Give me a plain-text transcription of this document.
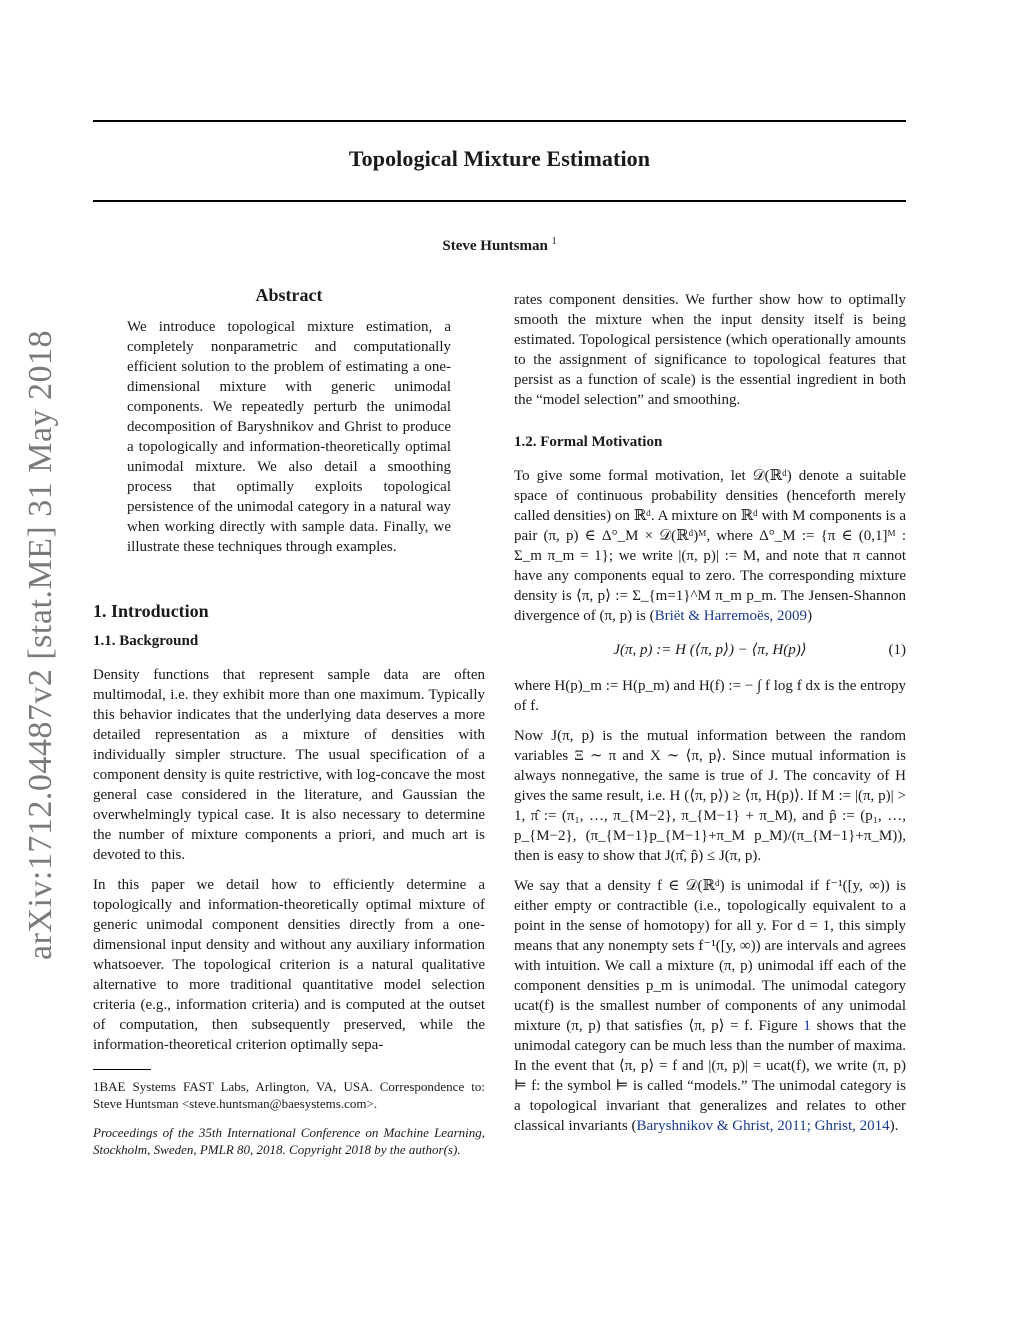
Topological Mixture Estimation
Steve Huntsman $^1$
arXiv:1712.04487v2 [stat.ME] 31 May 2018
Abstract
We introduce topological mixture estimation, a completely nonparametric and computationally efficient solution to the problem of estimating a one-dimensional mixture with generic unimodal components. We repeatedly perturb the unimodal decomposition of Baryshnikov and Ghrist to produce a topologically and information-theoretically optimal unimodal mixture. We also detail a smoothing process that optimally exploits topological persistence of the unimodal category in a natural way when working directly with sample data. Finally, we illustrate these techniques through examples.
1. Introduction
1.1. Background
Density functions that represent sample data are often multimodal, i.e. they exhibit more than one maximum. Typically this behavior indicates that the underlying data deserves a more detailed representation as a mixture of densities with individually simpler structure. The usual specification of a component density is quite restrictive, with log-concave the most general case considered in the literature, and Gaussian the overwhelmingly typical case. It is also necessary to determine the number of mixture components a priori, and much art is devoted to this.
In this paper we detail how to efficiently determine a topologically and information-theoretically optimal mixture of generic unimodal component densities directly from a one-dimensional input density and without any auxiliary information whatsoever. The topological criterion is a natural qualitative alternative to more traditional quantitative model selection criteria (e.g., information criteria) and is computed at the outset of computation, then subsequently preserved, while the information-theoretical criterion optimally sepa-
1BAE Systems FAST Labs, Arlington, VA, USA. Correspondence to: Steve Huntsman <steve.huntsman@baesystems.com>.
Proceedings of the 35th International Conference on Machine Learning, Stockholm, Sweden, PMLR 80, 2018. Copyright 2018 by the author(s).
rates component densities. We further show how to optimally smooth the mixture when the input density itself is being estimated. Topological persistence (which operationally amounts to the assignment of significance to topological features that persist as a function of scale) is the essential ingredient in both the “model selection” and smoothing.
1.2. Formal Motivation
To give some formal motivation, let 𝒟(ℝᵈ) denote a suitable space of continuous probability densities (henceforth merely called densities) on ℝᵈ. A mixture on ℝᵈ with M components is a pair (π, p) ∈ Δ°_M × 𝒟(ℝᵈ)ᴹ, where Δ°_M := {π ∈ (0,1]ᴹ : Σ_m π_m = 1}; we write |(π, p)| := M, and note that π cannot have any components equal to zero. The corresponding mixture density is ⟨π, p⟩ := Σ_{m=1}^M π_m p_m. The Jensen-Shannon divergence of (π, p) is (Briët & Harremoës, 2009)
J(π, p) := H (⟨π, p⟩) − ⟨π, H(p)⟩	(1)
where H(p)_m := H(p_m) and H(f) := − ∫ f log f dx is the entropy of f.
Now J(π, p) is the mutual information between the random variables Ξ ∼ π and X ∼ ⟨π, p⟩. Since mutual information is always nonnegative, the same is true of J. The concavity of H gives the same result, i.e. H (⟨π, p⟩) ≥ ⟨π, H(p)⟩. If M := |(π, p)| > 1, π̂ := (π₁, …, π_{M−2}, π_{M−1} + π_M), and p̂ := (p₁, …, p_{M−2}, (π_{M−1}p_{M−1}+π_M p_M)/(π_{M−1}+π_M)), then is easy to show that J(π̂, p̂) ≤ J(π, p).
We say that a density f ∈ 𝒟(ℝᵈ) is unimodal if f⁻¹([y, ∞)) is either empty or contractible (i.e., topologically equivalent to a point in the sense of homotopy) for all y. For d = 1, this simply means that any nonempty sets f⁻¹([y, ∞)) are intervals and agrees with intuition. We call a mixture (π, p) unimodal iff each of the component densities p_m is unimodal. The unimodal category ucat(f) is the smallest number of components of any unimodal mixture (π, p) that satisfies ⟨π, p⟩ = f. Figure 1 shows that the unimodal category can be much less than the number of maxima. In the event that ⟨π, p⟩ = f and |(π, p)| = ucat(f), we write (π, p) ⊨ f: the symbol ⊨ is called “models.” The unimodal category is a topological invariant that generalizes and relates to other classical invariants (Baryshnikov & Ghrist, 2011; Ghrist, 2014).
